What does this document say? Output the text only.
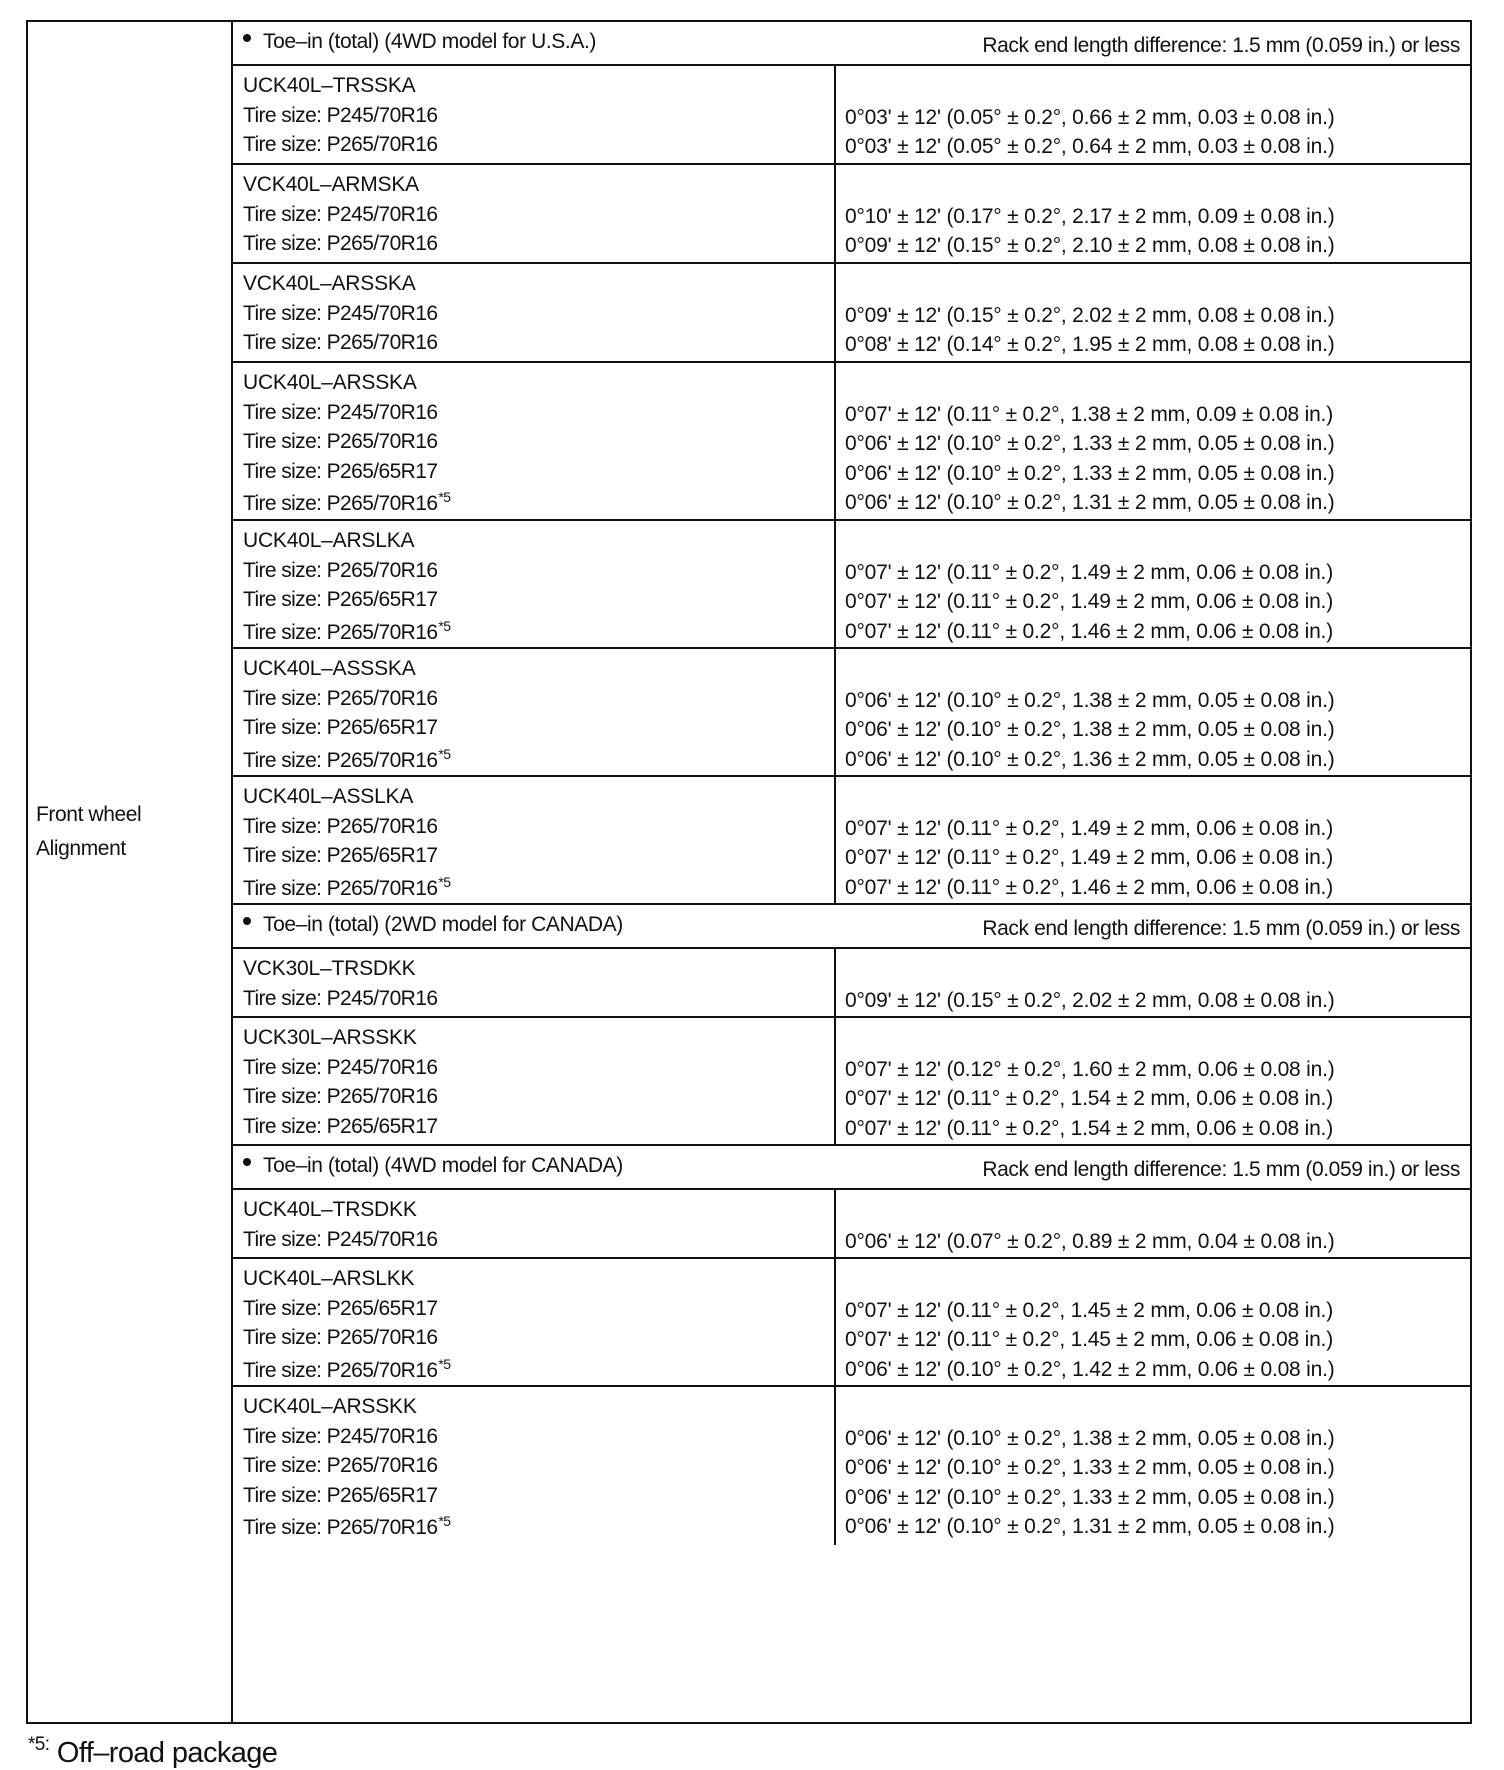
Front wheel
Alignment
Toe–in (total) (4WD model for U.S.A.)	Rack end length difference: 1.5 mm (0.059 in.) or less
UCK40L–TRSSKA
Tire size: P245/70R16	0°03' ± 12' (0.05° ± 0.2°, 0.66 ± 2 mm, 0.03 ± 0.08 in.)
Tire size: P265/70R16	0°03' ± 12' (0.05° ± 0.2°, 0.64 ± 2 mm, 0.03 ± 0.08 in.)
VCK40L–ARMSKA
Tire size: P245/70R16	0°10' ± 12' (0.17° ± 0.2°, 2.17 ± 2 mm, 0.09 ± 0.08 in.)
Tire size: P265/70R16	0°09' ± 12' (0.15° ± 0.2°, 2.10 ± 2 mm, 0.08 ± 0.08 in.)
VCK40L–ARSSKA
Tire size: P245/70R16	0°09' ± 12' (0.15° ± 0.2°, 2.02 ± 2 mm, 0.08 ± 0.08 in.)
Tire size: P265/70R16	0°08' ± 12' (0.14° ± 0.2°, 1.95 ± 2 mm, 0.08 ± 0.08 in.)
UCK40L–ARSSKA
Tire size: P245/70R16	0°07' ± 12' (0.11° ± 0.2°, 1.38 ± 2 mm, 0.09 ± 0.08 in.)
Tire size: P265/70R16	0°06' ± 12' (0.10° ± 0.2°, 1.33 ± 2 mm, 0.05 ± 0.08 in.)
Tire size: P265/65R17	0°06' ± 12' (0.10° ± 0.2°, 1.33 ± 2 mm, 0.05 ± 0.08 in.)
Tire size: P265/70R16$^{*5}$	0°06' ± 12' (0.10° ± 0.2°, 1.31 ± 2 mm, 0.05 ± 0.08 in.)
UCK40L–ARSLKA
Tire size: P265/70R16	0°07' ± 12' (0.11° ± 0.2°, 1.49 ± 2 mm, 0.06 ± 0.08 in.)
Tire size: P265/65R17	0°07' ± 12' (0.11° ± 0.2°, 1.49 ± 2 mm, 0.06 ± 0.08 in.)
Tire size: P265/70R16$^{*5}$	0°07' ± 12' (0.11° ± 0.2°, 1.46 ± 2 mm, 0.06 ± 0.08 in.)
UCK40L–ASSSKA
Tire size: P265/70R16	0°06' ± 12' (0.10° ± 0.2°, 1.38 ± 2 mm, 0.05 ± 0.08 in.)
Tire size: P265/65R17	0°06' ± 12' (0.10° ± 0.2°, 1.38 ± 2 mm, 0.05 ± 0.08 in.)
Tire size: P265/70R16$^{*5}$	0°06' ± 12' (0.10° ± 0.2°, 1.36 ± 2 mm, 0.05 ± 0.08 in.)
UCK40L–ASSLKA
Tire size: P265/70R16	0°07' ± 12' (0.11° ± 0.2°, 1.49 ± 2 mm, 0.06 ± 0.08 in.)
Tire size: P265/65R17	0°07' ± 12' (0.11° ± 0.2°, 1.49 ± 2 mm, 0.06 ± 0.08 in.)
Tire size: P265/70R16$^{*5}$	0°07' ± 12' (0.11° ± 0.2°, 1.46 ± 2 mm, 0.06 ± 0.08 in.)
Toe–in (total) (2WD model for CANADA)	Rack end length difference: 1.5 mm (0.059 in.) or less
VCK30L–TRSDKK
Tire size: P245/70R16	0°09' ± 12' (0.15° ± 0.2°, 2.02 ± 2 mm, 0.08 ± 0.08 in.)
UCK30L–ARSSKK
Tire size: P245/70R16	0°07' ± 12' (0.12° ± 0.2°, 1.60 ± 2 mm, 0.06 ± 0.08 in.)
Tire size: P265/70R16	0°07' ± 12' (0.11° ± 0.2°, 1.54 ± 2 mm, 0.06 ± 0.08 in.)
Tire size: P265/65R17	0°07' ± 12' (0.11° ± 0.2°, 1.54 ± 2 mm, 0.06 ± 0.08 in.)
Toe–in (total) (4WD model for CANADA)	Rack end length difference: 1.5 mm (0.059 in.) or less
UCK40L–TRSDKK
Tire size: P245/70R16	0°06' ± 12' (0.07° ± 0.2°, 0.89 ± 2 mm, 0.04 ± 0.08 in.)
UCK40L–ARSLKK
Tire size: P265/65R17	0°07' ± 12' (0.11° ± 0.2°, 1.45 ± 2 mm, 0.06 ± 0.08 in.)
Tire size: P265/70R16	0°07' ± 12' (0.11° ± 0.2°, 1.45 ± 2 mm, 0.06 ± 0.08 in.)
Tire size: P265/70R16$^{*5}$	0°06' ± 12' (0.10° ± 0.2°, 1.42 ± 2 mm, 0.06 ± 0.08 in.)
UCK40L–ARSSKK
Tire size: P245/70R16	0°06' ± 12' (0.10° ± 0.2°, 1.38 ± 2 mm, 0.05 ± 0.08 in.)
Tire size: P265/70R16	0°06' ± 12' (0.10° ± 0.2°, 1.33 ± 2 mm, 0.05 ± 0.08 in.)
Tire size: P265/65R17	0°06' ± 12' (0.10° ± 0.2°, 1.33 ± 2 mm, 0.05 ± 0.08 in.)
Tire size: P265/70R16$^{*5}$	0°06' ± 12' (0.10° ± 0.2°, 1.31 ± 2 mm, 0.05 ± 0.08 in.)
$^{*5:}$ Off–road package
